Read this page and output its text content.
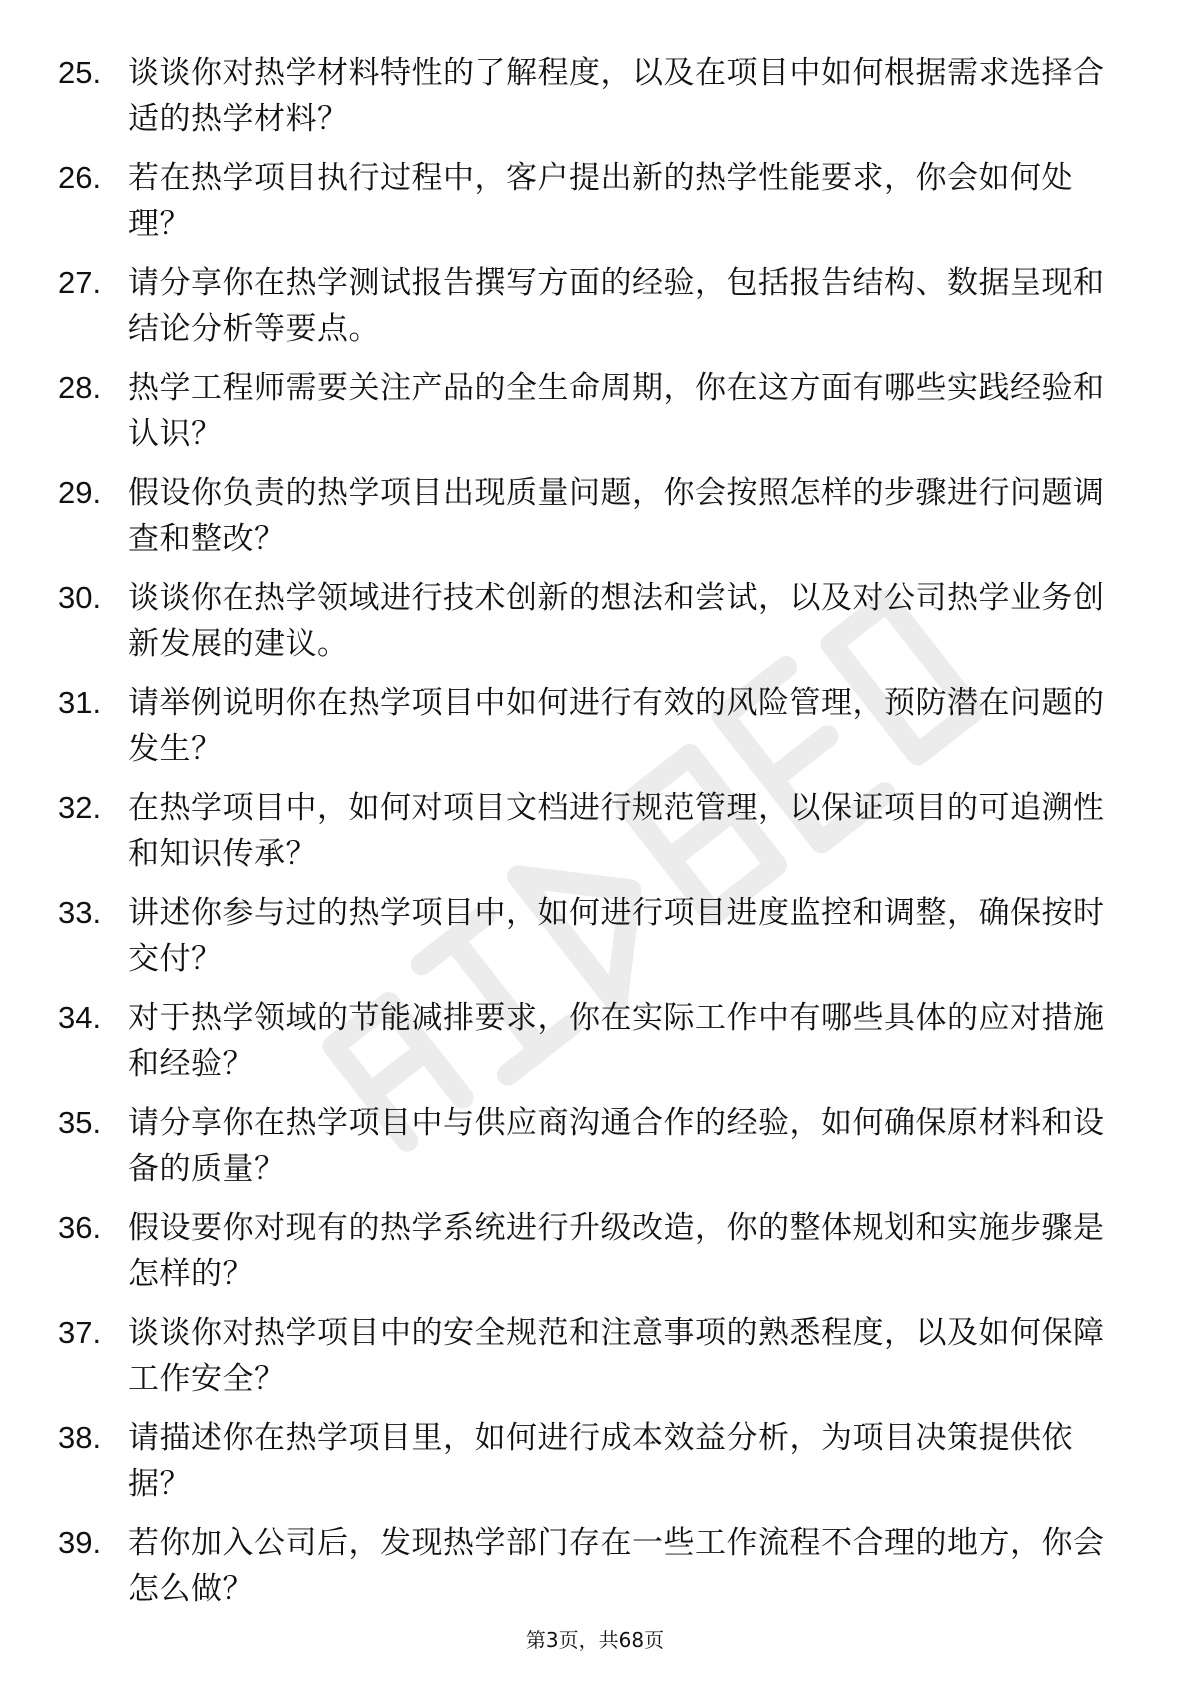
25. 谈谈你对热学材料特性的了解程度，以及在项目中如何根据需求选择合适的热学材料？
26. 若在热学项目执行过程中，客户提出新的热学性能要求，你会如何处理？
27. 请分享你在热学测试报告撰写方面的经验，包括报告结构、数据呈现和结论分析等要点。
28. 热学工程师需要关注产品的全生命周期，你在这方面有哪些实践经验和认识？
29. 假设你负责的热学项目出现质量问题，你会按照怎样的步骤进行问题调查和整改？
30. 谈谈你在热学领域进行技术创新的想法和尝试，以及对公司热学业务创新发展的建议。
31. 请举例说明你在热学项目中如何进行有效的风险管理，预防潜在问题的发生？
32. 在热学项目中，如何对项目文档进行规范管理，以保证项目的可追溯性和知识传承？
33. 讲述你参与过的热学项目中，如何进行项目进度监控和调整，确保按时交付？
34. 对于热学领域的节能减排要求，你在实际工作中有哪些具体的应对措施和经验？
35. 请分享你在热学项目中与供应商沟通合作的经验，如何确保原材料和设备的质量？
36. 假设要你对现有的热学系统进行升级改造，你的整体规划和实施步骤是怎样的？
37. 谈谈你对热学项目中的安全规范和注意事项的熟悉程度，以及如何保障工作安全？
38. 请描述你在热学项目里，如何进行成本效益分析，为项目决策提供依据？
39. 若你加入公司后，发现热学部门存在一些工作流程不合理的地方，你会怎么做？
第3页，共68页
